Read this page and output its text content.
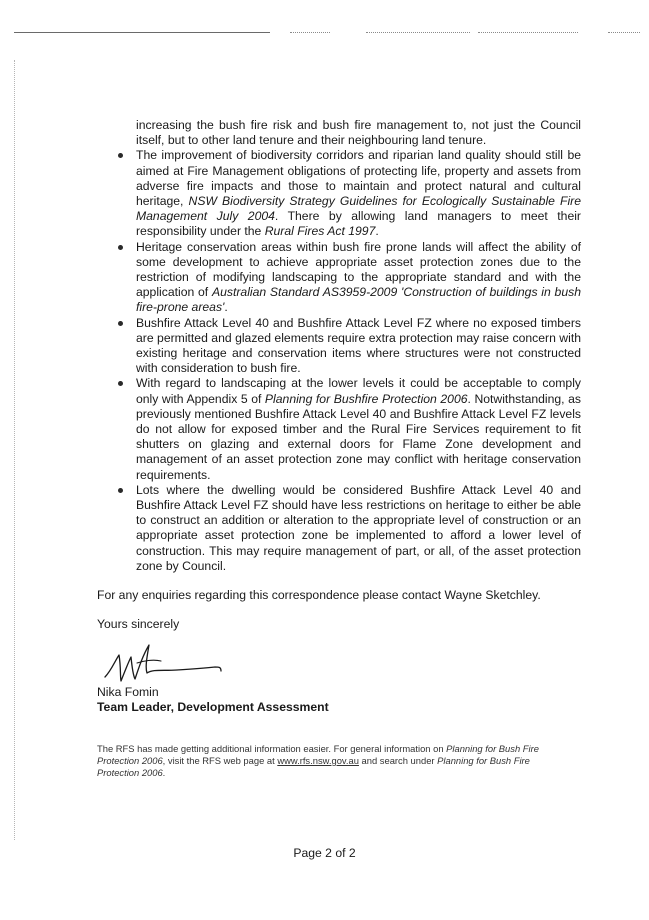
increasing the bush fire risk and bush fire management to, not just the Council itself, but to other land tenure and their neighbouring land tenure.

The improvement of biodiversity corridors and riparian land quality should still be aimed at Fire Management obligations of protecting life, property and assets from adverse fire impacts and those to maintain and protect natural and cultural heritage, NSW Biodiversity Strategy Guidelines for Ecologically Sustainable Fire Management July 2004. There by allowing land managers to meet their responsibility under the Rural Fires Act 1997.
Heritage conservation areas within bush fire prone lands will affect the ability of some development to achieve appropriate asset protection zones due to the restriction of modifying landscaping to the appropriate standard and with the application of Australian Standard AS3959-2009 'Construction of buildings in bush fire-prone areas'.
Bushfire Attack Level 40 and Bushfire Attack Level FZ where no exposed timbers are permitted and glazed elements require extra protection may raise concern with existing heritage and conservation items where structures were not constructed with consideration to bush fire.
With regard to landscaping at the lower levels it could be acceptable to comply only with Appendix 5 of Planning for Bushfire Protection 2006. Notwithstanding, as previously mentioned Bushfire Attack Level 40 and Bushfire Attack Level FZ levels do not allow for exposed timber and the Rural Fire Services requirement to fit shutters on glazing and external doors for Flame Zone development and management of an asset protection zone may conflict with heritage conservation requirements.
Lots where the dwelling would be considered Bushfire Attack Level 40 and Bushfire Attack Level FZ should have less restrictions on heritage to either be able to construct an addition or alteration to the appropriate level of construction or an appropriate asset protection zone be implemented to afford a lower level of construction. This may require management of part, or all, of the asset protection zone by Council.

For any enquiries regarding this correspondence please contact Wayne Sketchley.

Yours sincerely

Nika Fomin

Team Leader, Development Assessment

The RFS has made getting additional information easier. For general information on Planning for Bush Fire Protection 2006, visit the RFS web page at www.rfs.nsw.gov.au and search under Planning for Bush Fire Protection 2006.
Page 2 of 2
